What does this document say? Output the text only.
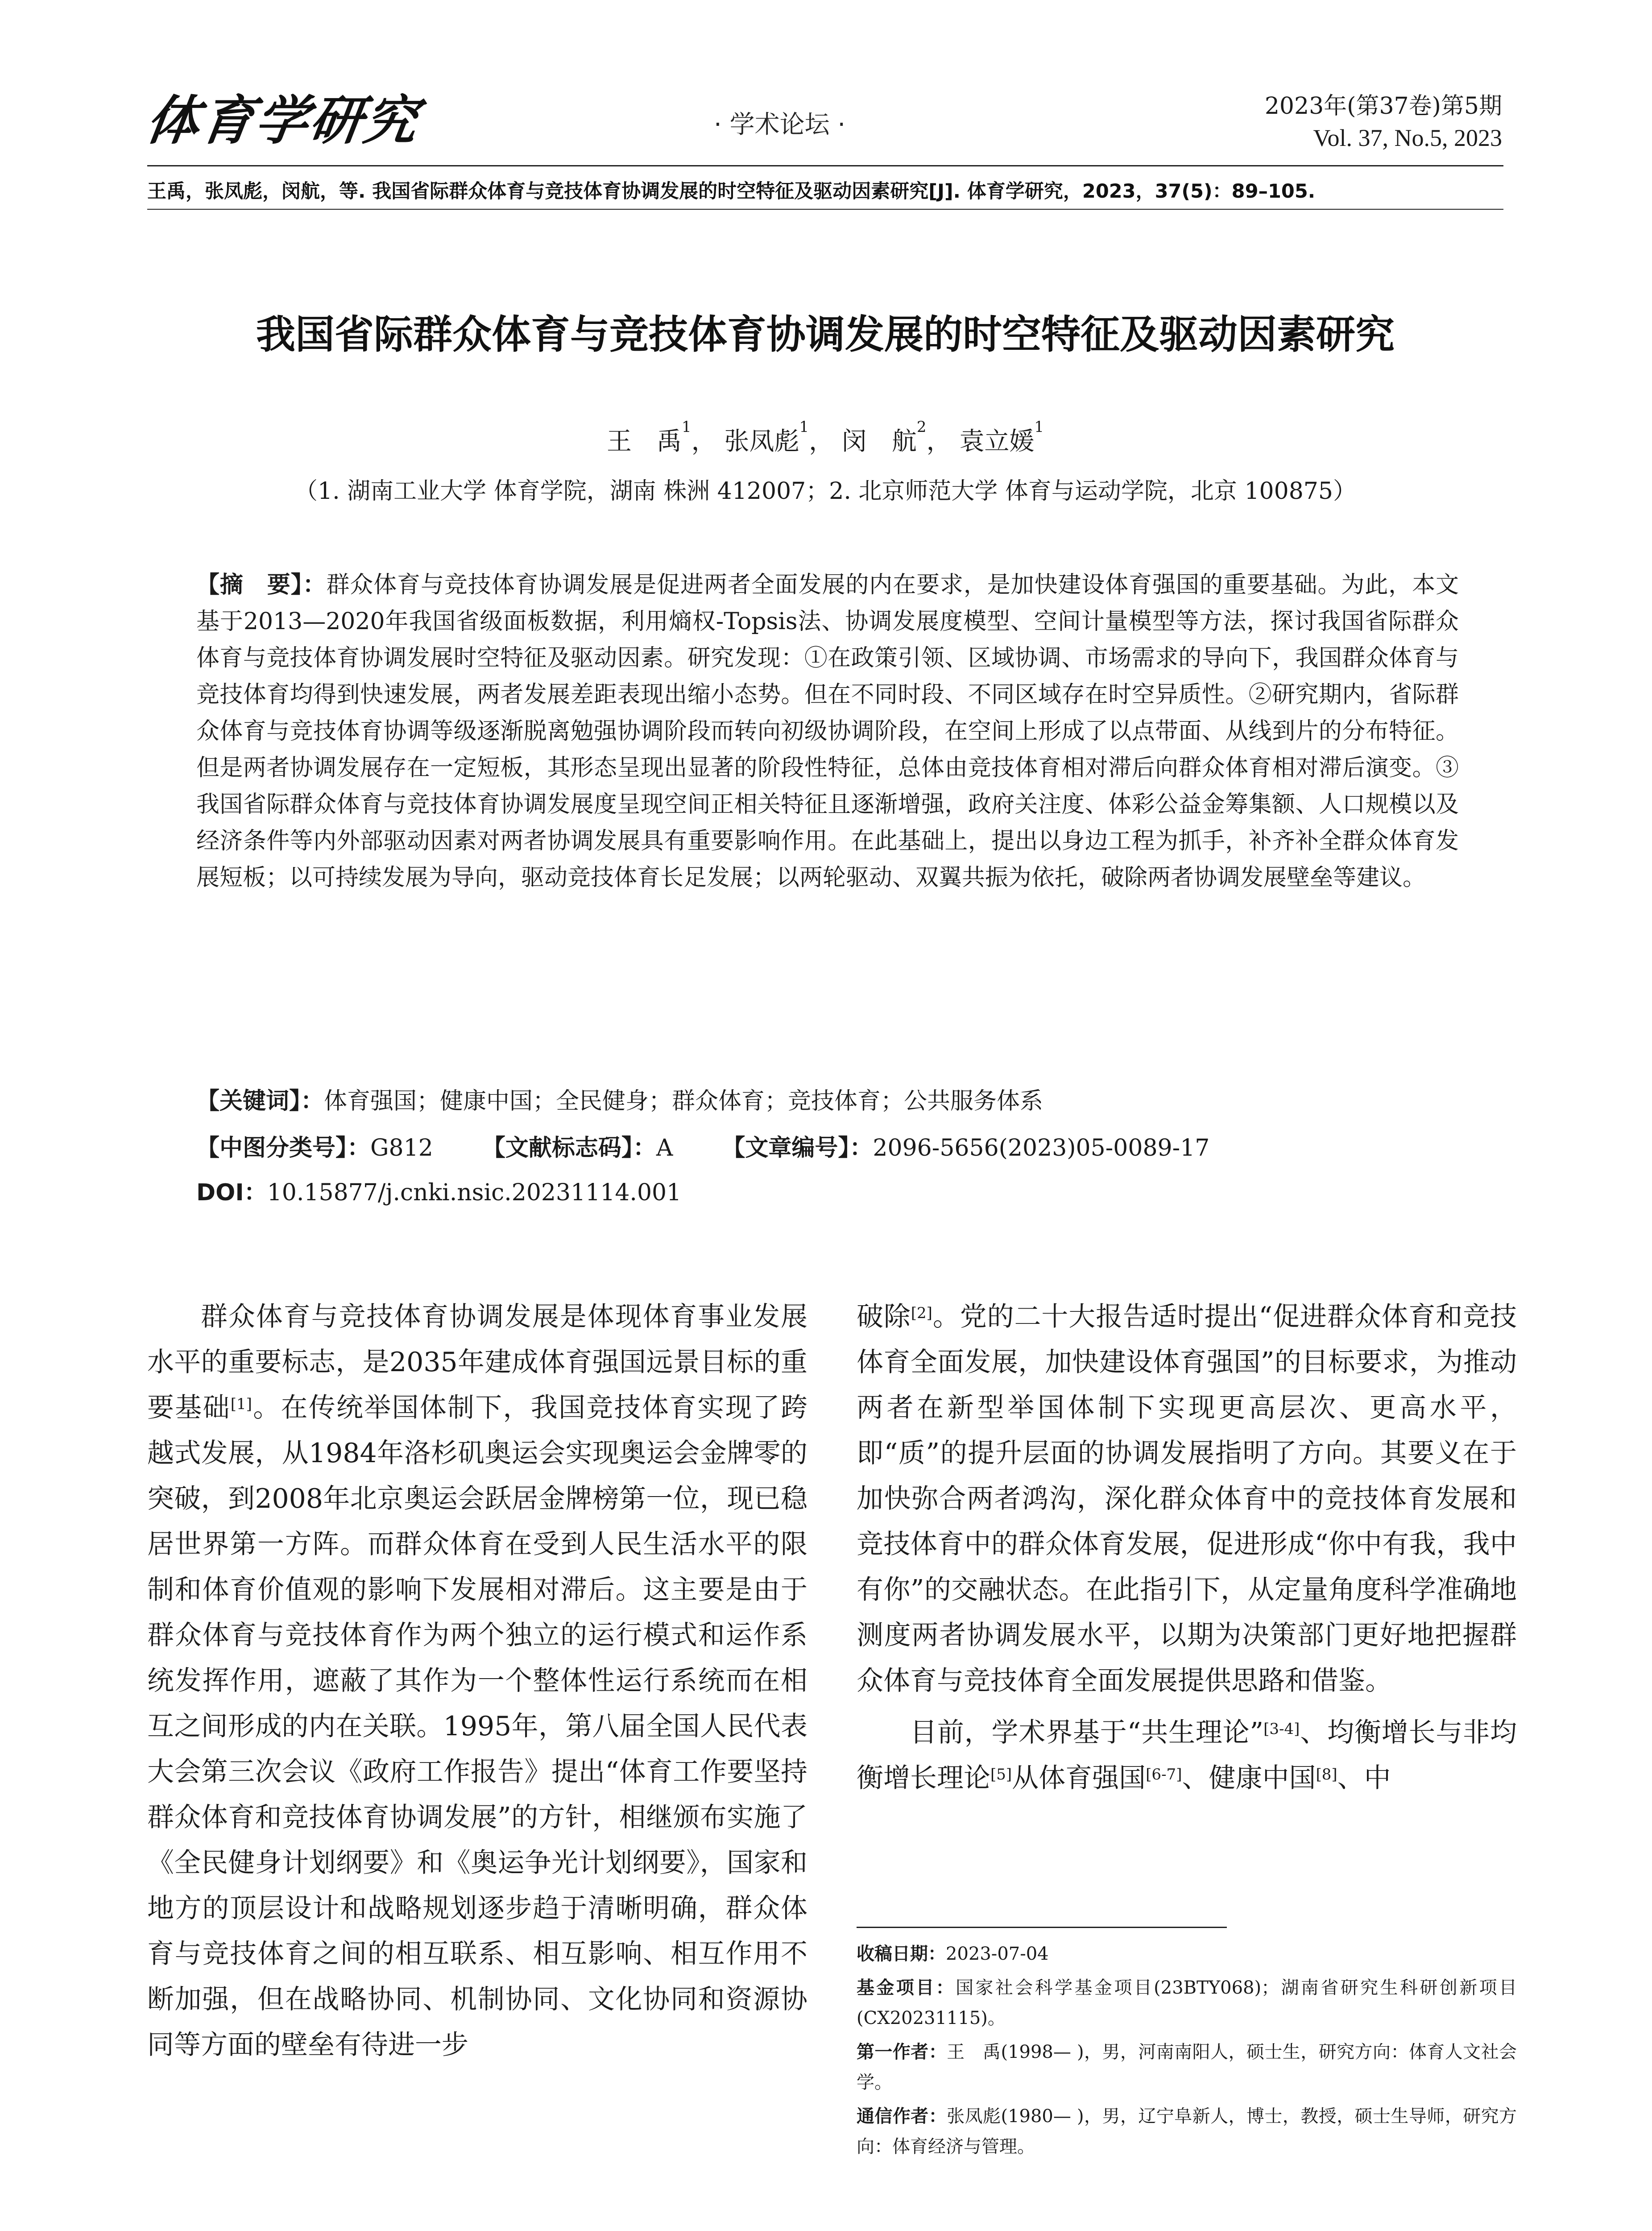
体育学研究	· 学术论坛 ·
2023年(第37卷)第5期
Vol. 37, No.5, 2023
王禹，张凤彪，闵航，等. 我国省际群众体育与竞技体育协调发展的时空特征及驱动因素研究[J]. 体育学研究，2023，37(5)：89–105.
我国省际群众体育与竞技体育协调发展的时空特征及驱动因素研究
王　禹$^1$， 张凤彪$^1$， 闵　航$^2$， 袁立媛$^1$
（1. 湖南工业大学 体育学院，湖南 株洲 412007；2. 北京师范大学 体育与运动学院，北京 100875）
【摘　要】：群众体育与竞技体育协调发展是促进两者全面发展的内在要求，是加快建设体育强国的重要基础。为此，本文基于2013—2020年我国省级面板数据，利用熵权-Topsis法、协调发展度模型、空间计量模型等方法，探讨我国省际群众体育与竞技体育协调发展时空特征及驱动因素。研究发现：①在政策引领、区域协调、市场需求的导向下，我国群众体育与竞技体育均得到快速发展，两者发展差距表现出缩小态势。但在不同时段、不同区域存在时空异质性。②研究期内，省际群众体育与竞技体育协调等级逐渐脱离勉强协调阶段而转向初级协调阶段，在空间上形成了以点带面、从线到片的分布特征。但是两者协调发展存在一定短板，其形态呈现出显著的阶段性特征，总体由竞技体育相对滞后向群众体育相对滞后演变。③我国省际群众体育与竞技体育协调发展度呈现空间正相关特征且逐渐增强，政府关注度、体彩公益金筹集额、人口规模以及经济条件等内外部驱动因素对两者协调发展具有重要影响作用。在此基础上，提出以身边工程为抓手，补齐补全群众体育发展短板；以可持续发展为导向，驱动竞技体育长足发展；以两轮驱动、双翼共振为依托，破除两者协调发展壁垒等建议。
【关键词】：体育强国；健康中国；全民健身；群众体育；竞技体育；公共服务体系
【中图分类号】：G812 【文献标志码】：A 【文章编号】：2096-5656(2023)05-0089-17
DOI：10.15877/j.cnki.nsic.20231114.001

群众体育与竞技体育协调发展是体现体育事业发展水平的重要标志，是2035年建成体育强国远景目标的重要基础[1]。在传统举国体制下，我国竞技体育实现了跨越式发展，从1984年洛杉矶奥运会实现奥运会金牌零的突破，到2008年北京奥运会跃居金牌榜第一位，现已稳居世界第一方阵。而群众体育在受到人民生活水平的限制和体育价值观的影响下发展相对滞后。这主要是由于群众体育与竞技体育作为两个独立的运行模式和运作系统发挥作用，遮蔽了其作为一个整体性运行系统而在相互之间形成的内在关联。1995年，第八届全国人民代表大会第三次会议《政府工作报告》提出“体育工作要坚持群众体育和竞技体育协调发展”的方针，相继颁布实施了《全民健身计划纲要》和《奥运争光计划纲要》，国家和地方的顶层设计和战略规划逐步趋于清晰明确，群众体育与竞技体育之间的相互联系、相互影响、相互作用不断加强，但在战略协同、机制协同、文化协同和资源协同等方面的壁垒有待进一步

破除[2]。党的二十大报告适时提出“促进群众体育和竞技体育全面发展，加快建设体育强国”的目标要求，为推动两者在新型举国体制下实现更高层次、更高水平，即“质”的提升层面的协调发展指明了方向。其要义在于加快弥合两者鸿沟，深化群众体育中的竞技体育发展和竞技体育中的群众体育发展，促进形成“你中有我，我中有你”的交融状态。在此指引下，从定量角度科学准确地测度两者协调发展水平，以期为决策部门更好地把握群众体育与竞技体育全面发展提供思路和借鉴。

目前，学术界基于“共生理论”[3-4]、均衡增长与非均衡增长理论[5]从体育强国[6-7]、健康中国[8]、中

收稿日期：2023-07-04
基金项目：国家社会科学基金项目(23BTY068)；湖南省研究生科研创新项目(CX20231115)。
第一作者：王　禹(1998— )，男，河南南阳人，硕士生，研究方向：体育人文社会学。
通信作者：张凤彪(1980— )，男，辽宁阜新人，博士，教授，硕士生导师，研究方向：体育经济与管理。
